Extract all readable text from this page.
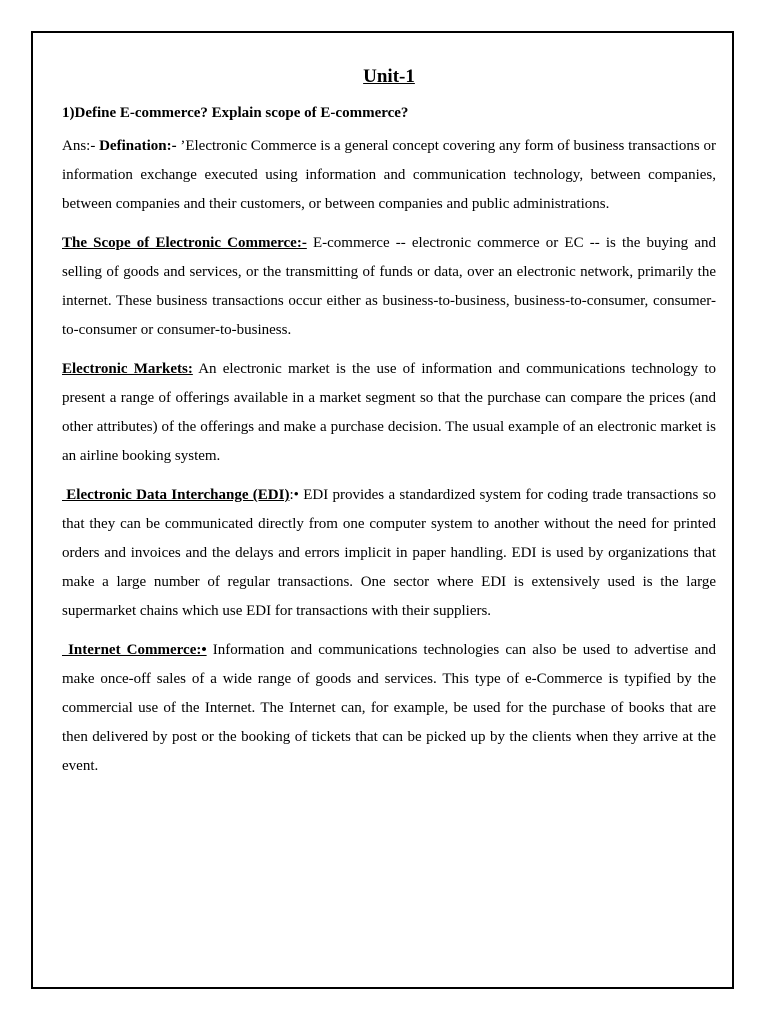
Unit-1
1)Define E-commerce? Explain scope of E-commerce?

Ans:- Defination:- ’Electronic Commerce is a general concept covering any form of business transactions or information exchange executed using information and communication technology, between companies, between companies and their customers, or between companies and public administrations.

The Scope of Electronic Commerce:- E-commerce -- electronic commerce or EC -- is the buying and selling of goods and services, or the transmitting of funds or data, over an electronic network, primarily the internet. These business transactions occur either as business-to-business, business-to-consumer, consumer-to-consumer or consumer-to-business.

Electronic Markets: An electronic market is the use of information and communications technology to present a range of offerings available in a market segment so that the purchase can compare the prices (and other attributes) of the offerings and make a purchase decision. The usual example of an electronic market is an airline booking system.

Electronic Data Interchange (EDI):• EDI provides a standardized system for coding trade transactions so that they can be communicated directly from one computer system to another without the need for printed orders and invoices and the delays and errors implicit in paper handling. EDI is used by organizations that make a large number of regular transactions. One sector where EDI is extensively used is the large supermarket chains which use EDI for transactions with their suppliers.

Internet Commerce:• Information and communications technologies can also be used to advertise and make once-off sales of a wide range of goods and services. This type of e-Commerce is typified by the commercial use of the Internet. The Internet can, for example, be used for the purchase of books that are then delivered by post or the booking of tickets that can be picked up by the clients when they arrive at the event.
